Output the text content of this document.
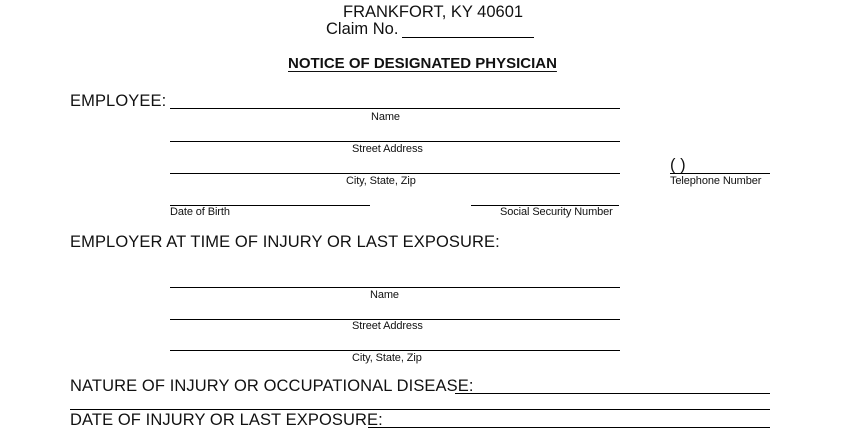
FRANKFORT, KY 40601
Claim No.
NOTICE OF DESIGNATED PHYSICIAN
EMPLOYEE:
Name
Street Address
City, State, Zip
( )
Telephone Number
Date of Birth	Social Security Number
EMPLOYER AT TIME OF INJURY OR LAST EXPOSURE:
Name
Street Address
City, State, Zip
NATURE OF INJURY OR OCCUPATIONAL DISEASE:
DATE OF INJURY OR LAST EXPOSURE:
